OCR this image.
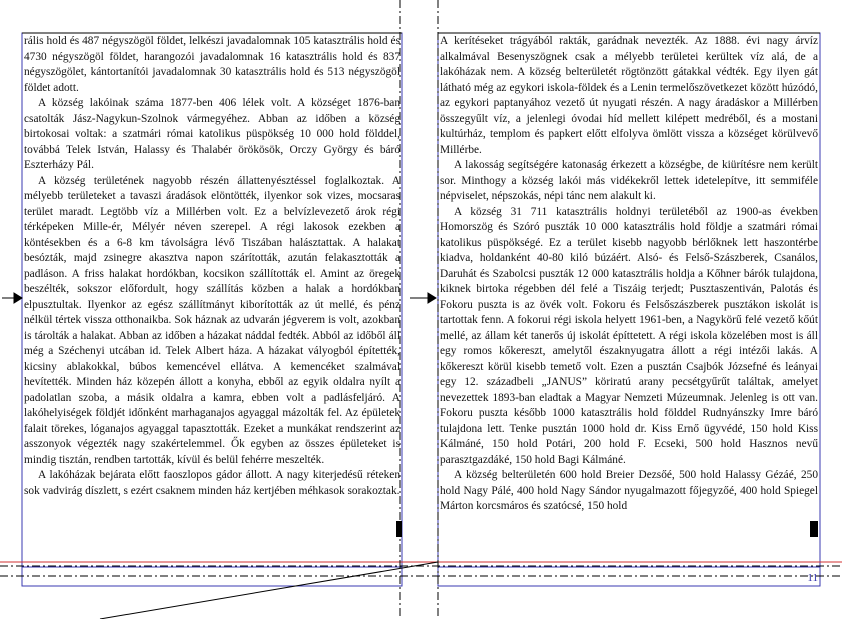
rális hold és 487 négyszögöl földet, lelkészi javadalomnak 105 katasztrális hold és 4730 négyszögöl földet, harangozói javadalomnak 16 katasztrális hold és 837 négyszögölet, kántortanítói javadalomnak 30 katasztrális hold és 513 négyszögöl földet adott.

A község lakóinak száma 1877-ben 406 lélek volt. A községet 1876-ban csatolták Jász-Nagykun-Szolnok vármegyéhez. Abban az időben a község birtokosai voltak: a szatmári római katolikus püspökség 10 000 hold földdel, továbbá Telek István, Halassy és Thalabér örökösök, Orczy György és báró Eszterházy Pál.

A község területének nagyobb részén állattenyésztéssel foglalkoztak. A mélyebb területeket a tavaszi áradások elöntötték, ilyenkor sok vizes, mocsaras terület maradt. Legtöbb víz a Millérben volt. Ez a belvízlevezető árok régi térképeken Mille-ér, Mélyér néven szerepel. A régi lakosok ezekben a köntésekben és a 6-8 km távolságra lévő Tiszában halásztattak. A halakat besózták, majd zsinegre akasztva napon szárították, azután felakasztották a padláson. A friss halakat hordókban, kocsikon szállították el. Amint az öregek beszélték, sokszor előfordult, hogy szállítás közben a halak a hordókban elpusztultak. Ilyenkor az egész szállítmányt kiborították az út mellé, és pénz nélkül tértek vissza otthonaikba. Sok háznak az udvarán jégverem is volt, azokban is tárolták a halakat. Abban az időben a házakat náddal fedték. Abból az időből áll még a Széchenyi utcában id. Telek Albert háza. A házakat vályogból építették, kicsiny ablakokkal, búbos kemencével ellátva. A kemencéket szalmával hevítették. Minden ház közepén állott a konyha, ebből az egyik oldalra nyílt a padolatlan szoba, a másik oldalra a kamra, ebben volt a padlásfeljáró. A lakóhelyiségek földjét időnként marhaganajos agyaggal mázolták fel. Az épületek falait törekes, lóganajos agyaggal tapasztották. Ezeket a munkákat rendszerint az asszonyok végezték nagy szakértelemmel. Ők egyben az összes épületeket is mindig tisztán, rendben tartották, kívül és belül fehérre meszelték.

A lakóházak bejárata előtt faoszlopos gádor állott. A nagy kiterjedésű réteken sok vadvirág díszlett, s ezért csaknem minden ház kertjében méhkasok sorakoztak.

A kerítéseket trágyából rakták, garádnak nevezték. Az 1888. évi nagy árvíz alkalmával Besenyszögnek csak a mélyebb területei kerültek víz alá, de a lakóházak nem. A község belterületét rögtönzött gátakkal védték. Egy ilyen gát látható még az egykori iskola-földek és a Lenin termelőszövetkezet között húzódó, az egykori paptanyához vezető út nyugati részén. A nagy áradáskor a Millérben összegyűlt víz, a jelenlegi óvodai híd mellett kilépett medréből, és a mostani kultúrház, templom és papkert előtt elfolyva ömlött vissza a községet körülvevő Millérbe.

A lakosság segítségére katonaság érkezett a községbe, de kiürítésre nem került sor. Minthogy a község lakói más vidékekről lettek idetelepítve, itt semmiféle népviselet, népszokás, népi tánc nem alakult ki.

A község 31 711 katasztrális holdnyi területéből az 1900-as években Homorszög és Szóró puszták 10 000 katasztrális hold földje a szatmári római katolikus püspökségé. Ez a terület kisebb nagyobb bérlőknek lett haszontérbe kiadva, holdanként 40-80 kiló búzáért. Alsó- és Felső-Szászberek, Csanálos, Daruhát és Szabolcsi puszták 12 000 katasztrális holdja a Kőhner bárók tulajdona, kiknek birtoka régebben dél felé a Tiszáig terjedt; Pusztaszentiván, Palotás és Fokoru puszta is az övék volt. Fokoru és Felsőszászberek pusztákon iskolát is tartottak fenn. A fokorui régi iskola helyett 1961-ben, a Nagykörű felé vezető kőút mellé, az állam két tanerős új iskolát építtetett. A régi iskola közelében most is áll egy romos kőkereszt, amelytől északnyugatra állott a régi intézői lakás. A kőkereszt körül kisebb temető volt. Ezen a pusztán Csajbók Józsefné és leányai egy 12. századbeli „JANUS” köriratú arany pecsétgyűrűt találtak, amelyet nevezettek 1893-ban eladtak a Magyar Nemzeti Múzeumnak. Jelenleg is ott van. Fokoru puszta később 1000 katasztrális hold földdel Rudnyánszky Imre báró tulajdona lett. Tenke pusztán 1000 hold dr. Kiss Ernő ügyvédé, 150 hold Kiss Kálmáné, 150 hold Potári, 200 hold F. Ecseki, 500 hold Hasznos nevű parasztgazdáké, 150 hold Bagi Kálmáné.

A község belterületén 600 hold Breier Dezsőé, 500 hold Halassy Gézáé, 250 hold Nagy Pálé, 400 hold Nagy Sándor nyugalmazott főjegyzőé, 400 hold Spiegel Márton korcsmáros és szatócsé, 150 hold

11
